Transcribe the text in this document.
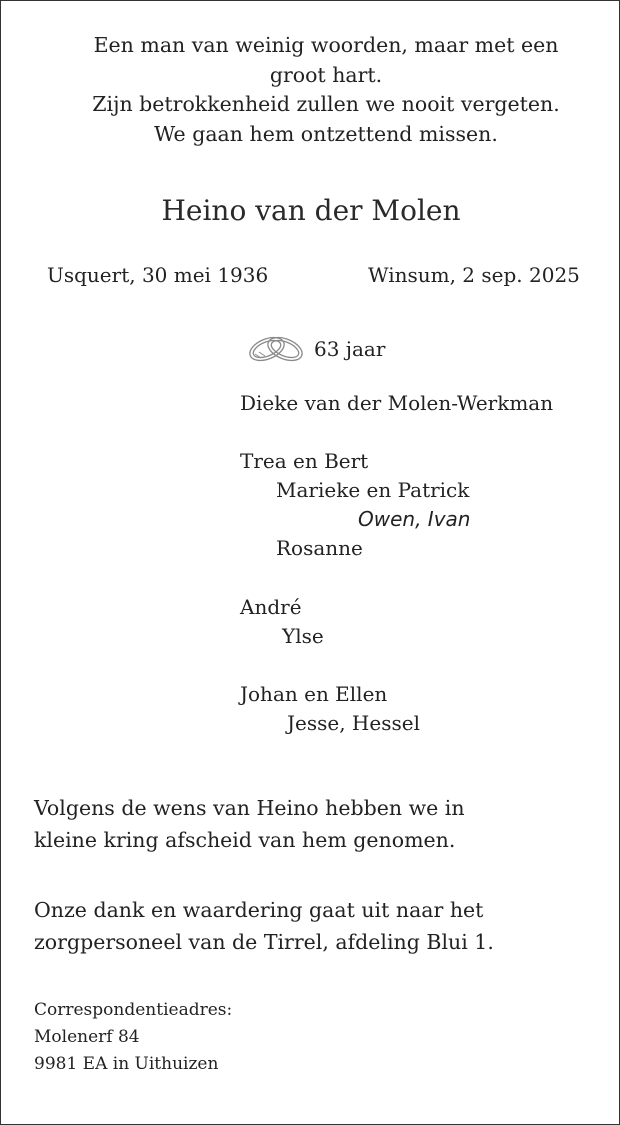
Een man van weinig woorden, maar met een
groot hart.
Zijn betrokkenheid zullen we nooit vergeten.
We gaan hem ontzettend missen.
Heino van der Molen

Usquert, 30 mei 1936	Winsum, 2 sep. 2025

63 jaar

Dieke van der Molen-Werkman

Trea en Bert

Marieke en Patrick

Owen, Ivan

Rosanne

André

Ylse

Johan en Ellen

Jesse, Hessel

Volgens de wens van Heino hebben we in
kleine kring afscheid van hem genomen.
Onze dank en waardering gaat uit naar het
zorgpersoneel van de Tirrel, afdeling Blui 1.
Correspondentieadres:
Molenerf 84
9981 EA in Uithuizen
